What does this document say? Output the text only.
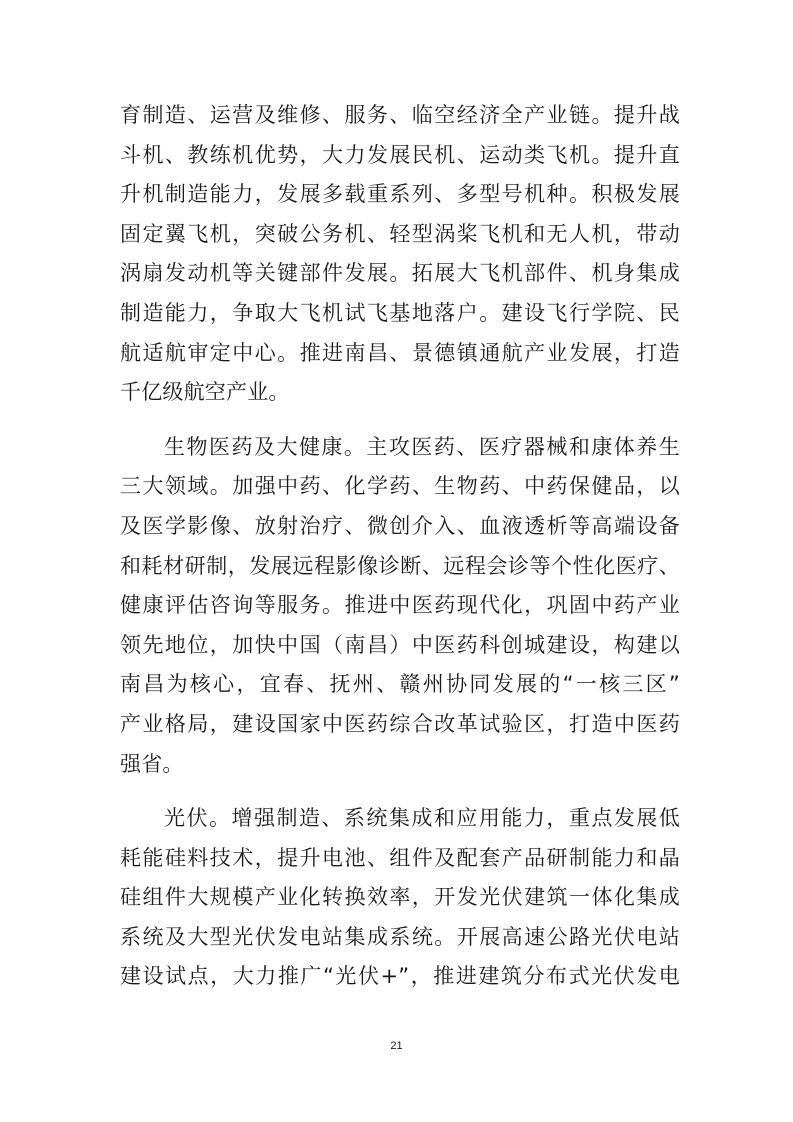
育制造、运营及维修、服务、临空经济全产业链。提升战
斗机、教练机优势，大力发展民机、运动类飞机。提升直
升机制造能力，发展多载重系列、多型号机种。积极发展
固定翼飞机，突破公务机、轻型涡桨飞机和无人机，带动
涡扇发动机等关键部件发展。拓展大飞机部件、机身集成
制造能力，争取大飞机试飞基地落户。建设飞行学院、民
航适航审定中心。推进南昌、景德镇通航产业发展，打造
千亿级航空产业。
生物医药及大健康。主攻医药、医疗器械和康体养生
三大领域。加强中药、化学药、生物药、中药保健品，以
及医学影像、放射治疗、微创介入、血液透析等高端设备
和耗材研制，发展远程影像诊断、远程会诊等个性化医疗、
健康评估咨询等服务。推进中医药现代化，巩固中药产业
领先地位，加快中国（南昌）中医药科创城建设，构建以
南昌为核心，宜春、抚州、赣州协同发展的“一核三区”
产业格局，建设国家中医药综合改革试验区，打造中医药
强省。
光伏。增强制造、系统集成和应用能力，重点发展低
耗能硅料技术，提升电池、组件及配套产品研制能力和晶
硅组件大规模产业化转换效率，开发光伏建筑一体化集成
系统及大型光伏发电站集成系统。开展高速公路光伏电站
建设试点，大力推广“光伏+”，推进建筑分布式光伏发电
21
